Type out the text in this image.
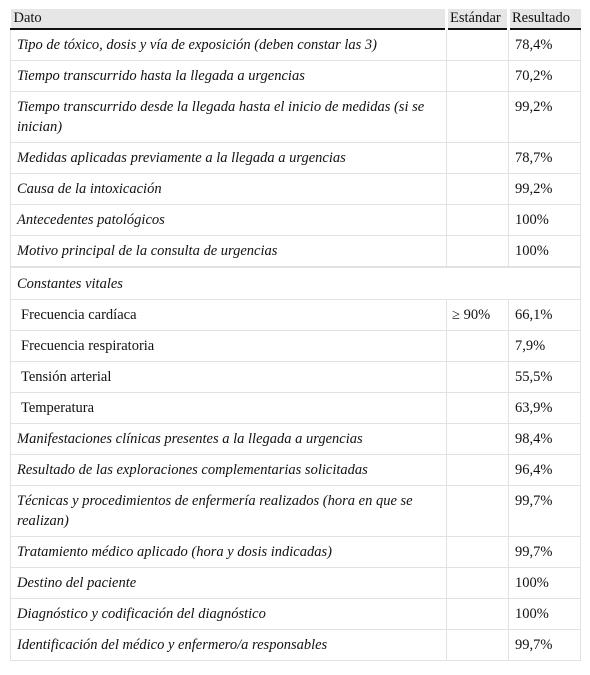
Dato	Estándar	Resultado
Tipo de tóxico, dosis y vía de exposición (deben constar las 3)		78,4%
Tiempo transcurrido hasta la llegada a urgencias		70,2%
Tiempo transcurrido desde la llegada hasta el inicio de medidas (si se inician)		99,2%
Medidas aplicadas previamente a la llegada a urgencias		78,7%
Causa de la intoxicación		99,2%
Antecedentes patológicos		100%
Motivo principal de la consulta de urgencias		100%

Constantes vitales		
Frecuencia cardíaca	≥ 90%	66,1%
Frecuencia respiratoria		7,9%
Tensión arterial		55,5%
Temperatura		63,9%
Manifestaciones clínicas presentes a la llegada a urgencias		98,4%
Resultado de las exploraciones complementarias solicitadas		96,4%
Técnicas y procedimientos de enfermería realizados (hora en que se realizan)		99,7%
Tratamiento médico aplicado (hora y dosis indicadas)		99,7%
Destino del paciente		100%
Diagnóstico y codificación del diagnóstico		100%
Identificación del médico y enfermero/a responsables		99,7%
